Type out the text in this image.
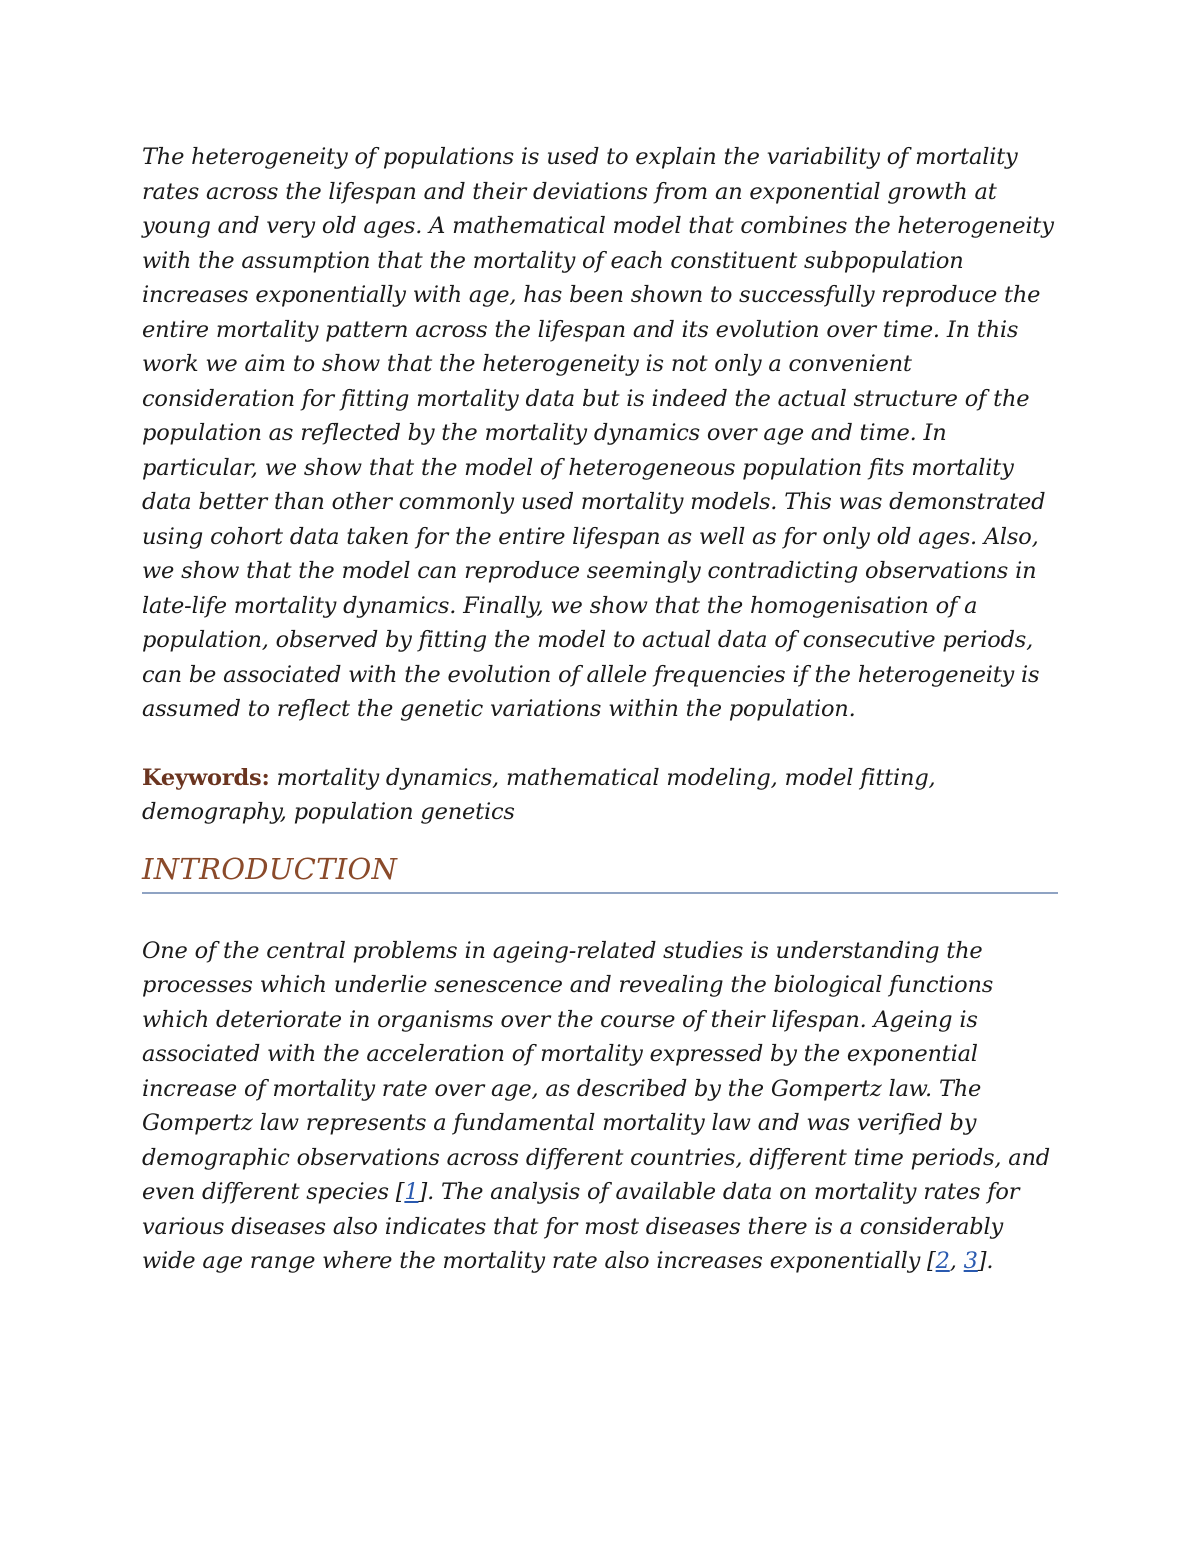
The heterogeneity of populations is used to explain the variability of mortality rates across the lifespan and their deviations from an exponential growth at young and very old ages. A mathematical model that combines the heterogeneity with the assumption that the mortality of each constituent subpopulation increases exponentially with age, has been shown to successfully reproduce the entire mortality pattern across the lifespan and its evolution over time. In this work we aim to show that the heterogeneity is not only a convenient consideration for fitting mortality data but is indeed the actual structure of the population as reflected by the mortality dynamics over age and time. In particular, we show that the model of heterogeneous population fits mortality data better than other commonly used mortality models. This was demonstrated using cohort data taken for the entire lifespan as well as for only old ages. Also, we show that the model can reproduce seemingly contradicting observations in late-life mortality dynamics. Finally, we show that the homogenisation of a population, observed by fitting the model to actual data of consecutive periods, can be associated with the evolution of allele frequencies if the heterogeneity is assumed to reflect the genetic variations within the population.

Keywords: mortality dynamics, mathematical modeling, model fitting, demography, population genetics

INTRODUCTION

One of the central problems in ageing-related studies is understanding the processes which underlie senescence and revealing the biological functions which deteriorate in organisms over the course of their lifespan. Ageing is associated with the acceleration of mortality expressed by the exponential increase of mortality rate over age, as described by the Gompertz law. The Gompertz law represents a fundamental mortality law and was verified by demographic observations across different countries, different time periods, and even different species [1]. The analysis of available data on mortality rates for various diseases also indicates that for most diseases there is a considerably wide age range where the mortality rate also increases exponentially [2, 3].
